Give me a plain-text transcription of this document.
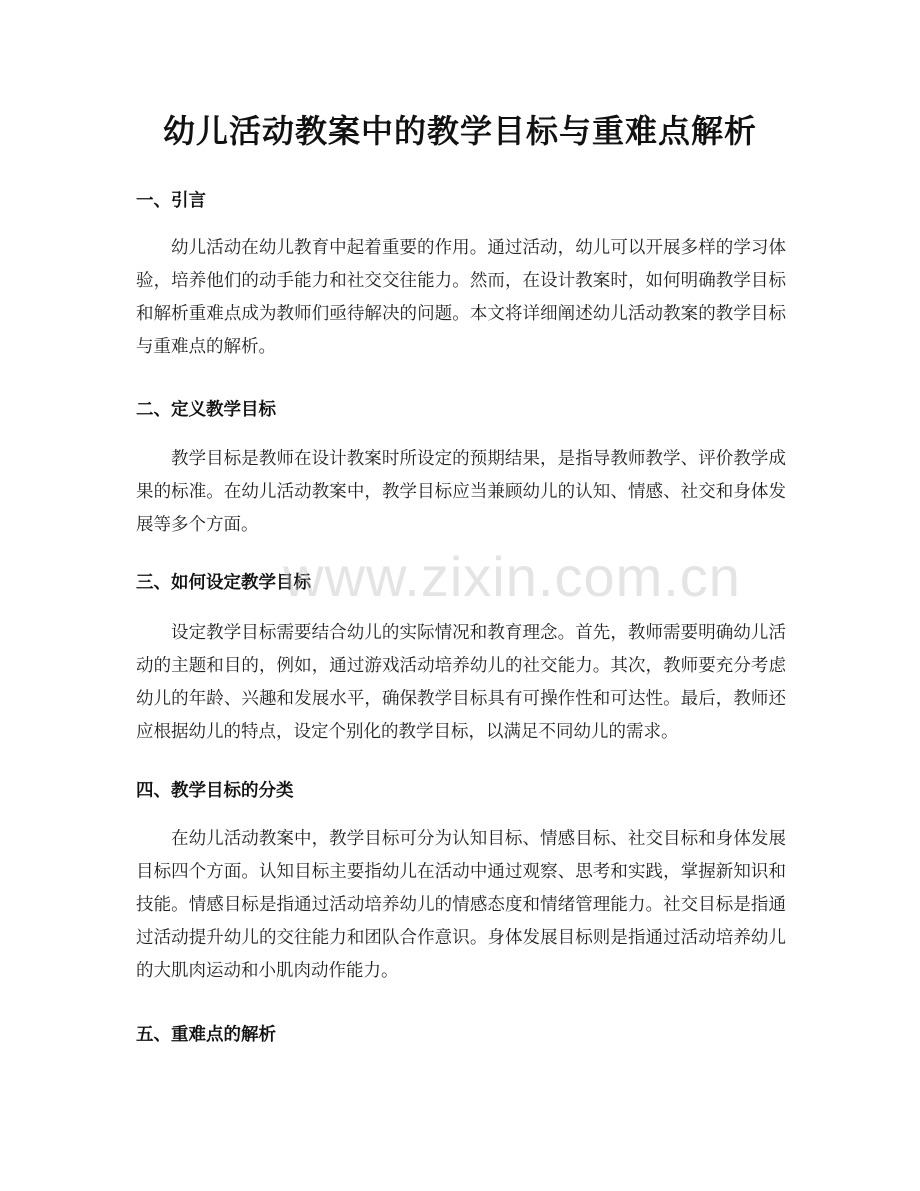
幼儿活动教案中的教学目标与重难点解析
一、引言

幼儿活动在幼儿教育中起着重要的作用。通过活动，幼儿可以开展多样的学习体验，培养他们的动手能力和社交交往能力。然而，在设计教案时，如何明确教学目标和解析重难点成为教师们亟待解决的问题。本文将详细阐述幼儿活动教案的教学目标与重难点的解析。

二、定义教学目标

教学目标是教师在设计教案时所设定的预期结果，是指导教师教学、评价教学成果的标准。在幼儿活动教案中，教学目标应当兼顾幼儿的认知、情感、社交和身体发展等多个方面。

三、如何设定教学目标

设定教学目标需要结合幼儿的实际情况和教育理念。首先，教师需要明确幼儿活动的主题和目的，例如，通过游戏活动培养幼儿的社交能力。其次，教师要充分考虑幼儿的年龄、兴趣和发展水平，确保教学目标具有可操作性和可达性。最后，教师还应根据幼儿的特点，设定个别化的教学目标，以满足不同幼儿的需求。

四、教学目标的分类

在幼儿活动教案中，教学目标可分为认知目标、情感目标、社交目标和身体发展目标四个方面。认知目标主要指幼儿在活动中通过观察、思考和实践，掌握新知识和技能。情感目标是指通过活动培养幼儿的情感态度和情绪管理能力。社交目标是指通过活动提升幼儿的交往能力和团队合作意识。身体发展目标则是指通过活动培养幼儿的大肌肉运动和小肌肉动作能力。

五、重难点的解析
www.zixin.com.cn
